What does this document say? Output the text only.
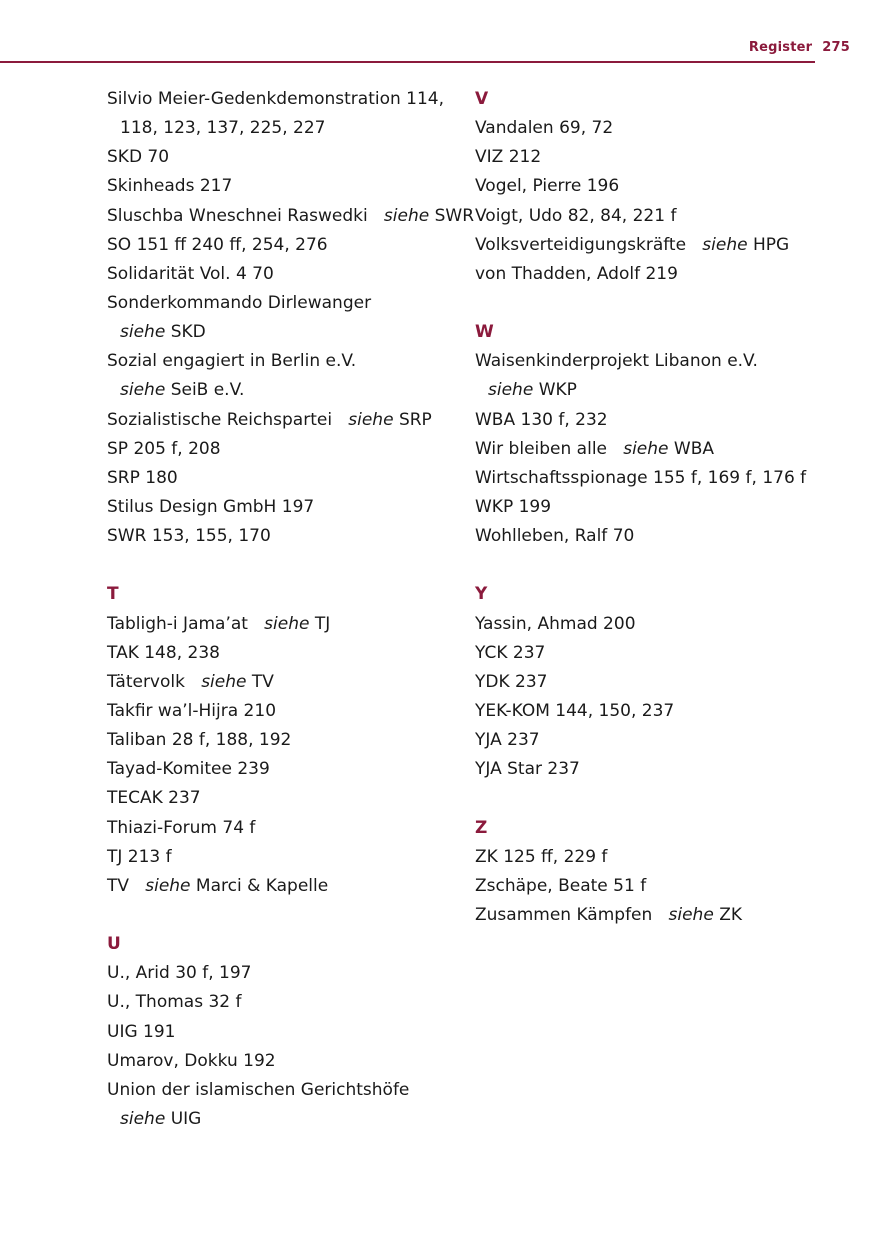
Register 275
Silvio Meier-Gedenkdemonstration 114,
118, 123, 137, 225, 227
SKD 70
Skinheads 217
Sluschba Wneschnei Raswedki siehe SWR
SO 151 ff 240 ff, 254, 276
Solidarität Vol. 4 70
Sonderkommando Dirlewanger
siehe SKD
Sozial engagiert in Berlin e.V.
siehe SeiB e.V.
Sozialistische Reichspartei siehe SRP
SP 205 f, 208
SRP 180
Stilus Design GmbH 197
SWR 153, 155, 170
T
Tabligh-i Jama’at siehe TJ
TAK 148, 238
Tätervolk siehe TV
Takfir wa’l-Hijra 210
Taliban 28 f, 188, 192
Tayad-Komitee 239
TECAK 237
Thiazi-Forum 74 f
TJ 213 f
TV siehe Marci & Kapelle
U
U., Arid 30 f, 197
U., Thomas 32 f
UIG 191
Umarov, Dokku 192
Union der islamischen Gerichtshöfe
siehe UIG
V
Vandalen 69, 72
VIZ 212
Vogel, Pierre 196
Voigt, Udo 82, 84, 221 f
Volksverteidigungskräfte siehe HPG
von Thadden, Adolf 219
W
Waisenkinderprojekt Libanon e.V.
siehe WKP
WBA 130 f, 232
Wir bleiben alle siehe WBA
Wirtschaftsspionage 155 f, 169 f, 176 f
WKP 199
Wohlleben, Ralf 70
Y
Yassin, Ahmad 200
YCK 237
YDK 237
YEK-KOM 144, 150, 237
YJA 237
YJA Star 237
Z
ZK 125 ff, 229 f
Zschäpe, Beate 51 f
Zusammen Kämpfen siehe ZK
